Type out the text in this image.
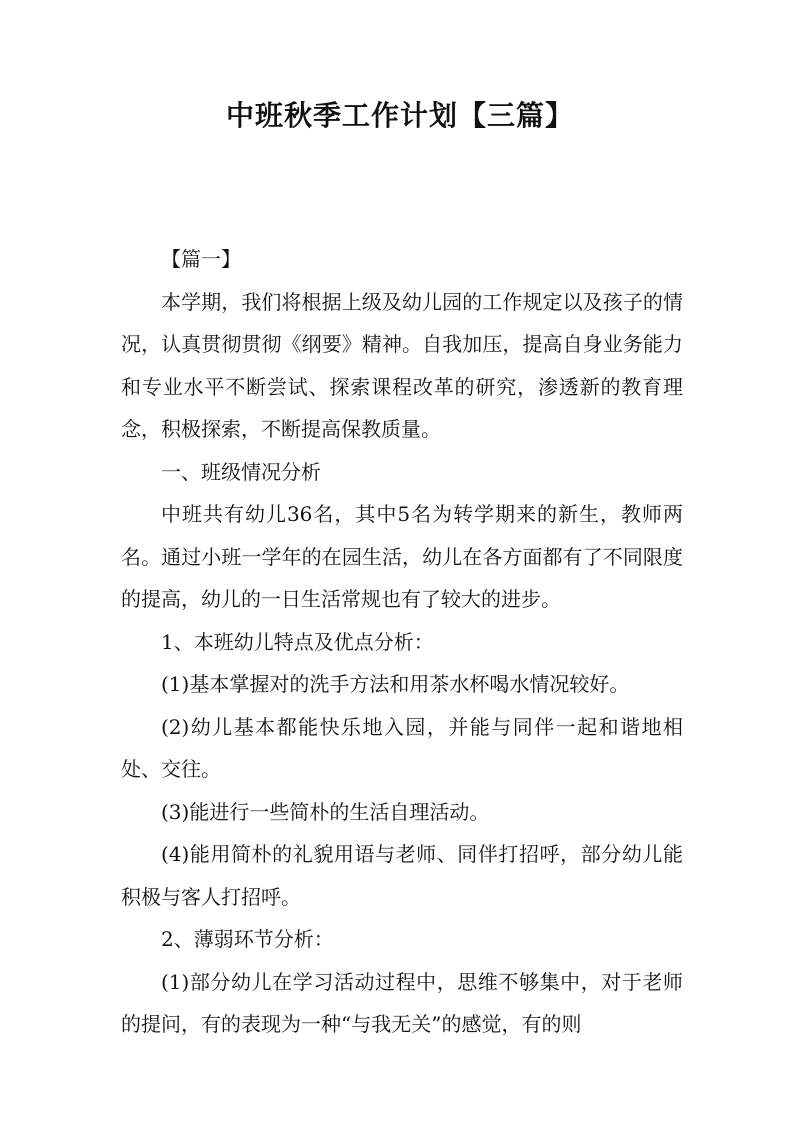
中班秋季工作计划【三篇】

【篇一】

本学期，我们将根据上级及幼儿园的工作规定以及孩子的情况，认真贯彻贯彻《纲要》精神。自我加压，提高自身业务能力和专业水平不断尝试、探索课程改革的研究，渗透新的教育理念，积极探索，不断提高保教质量。

一、班级情况分析

中班共有幼儿36名，其中5名为转学期来的新生，教师两名。通过小班一学年的在园生活，幼儿在各方面都有了不同限度的提高，幼儿的一日生活常规也有了较大的进步。

1、本班幼儿特点及优点分析：

(1)基本掌握对的洗手方法和用茶水杯喝水情况较好。

(2)幼儿基本都能快乐地入园，并能与同伴一起和谐地相处、交往。

(3)能进行一些简朴的生活自理活动。

(4)能用简朴的礼貌用语与老师、同伴打招呼，部分幼儿能积极与客人打招呼。

2、薄弱环节分析：

(1)部分幼儿在学习活动过程中，思维不够集中，对于老师的提问，有的表现为一种“与我无关”的感觉，有的则
